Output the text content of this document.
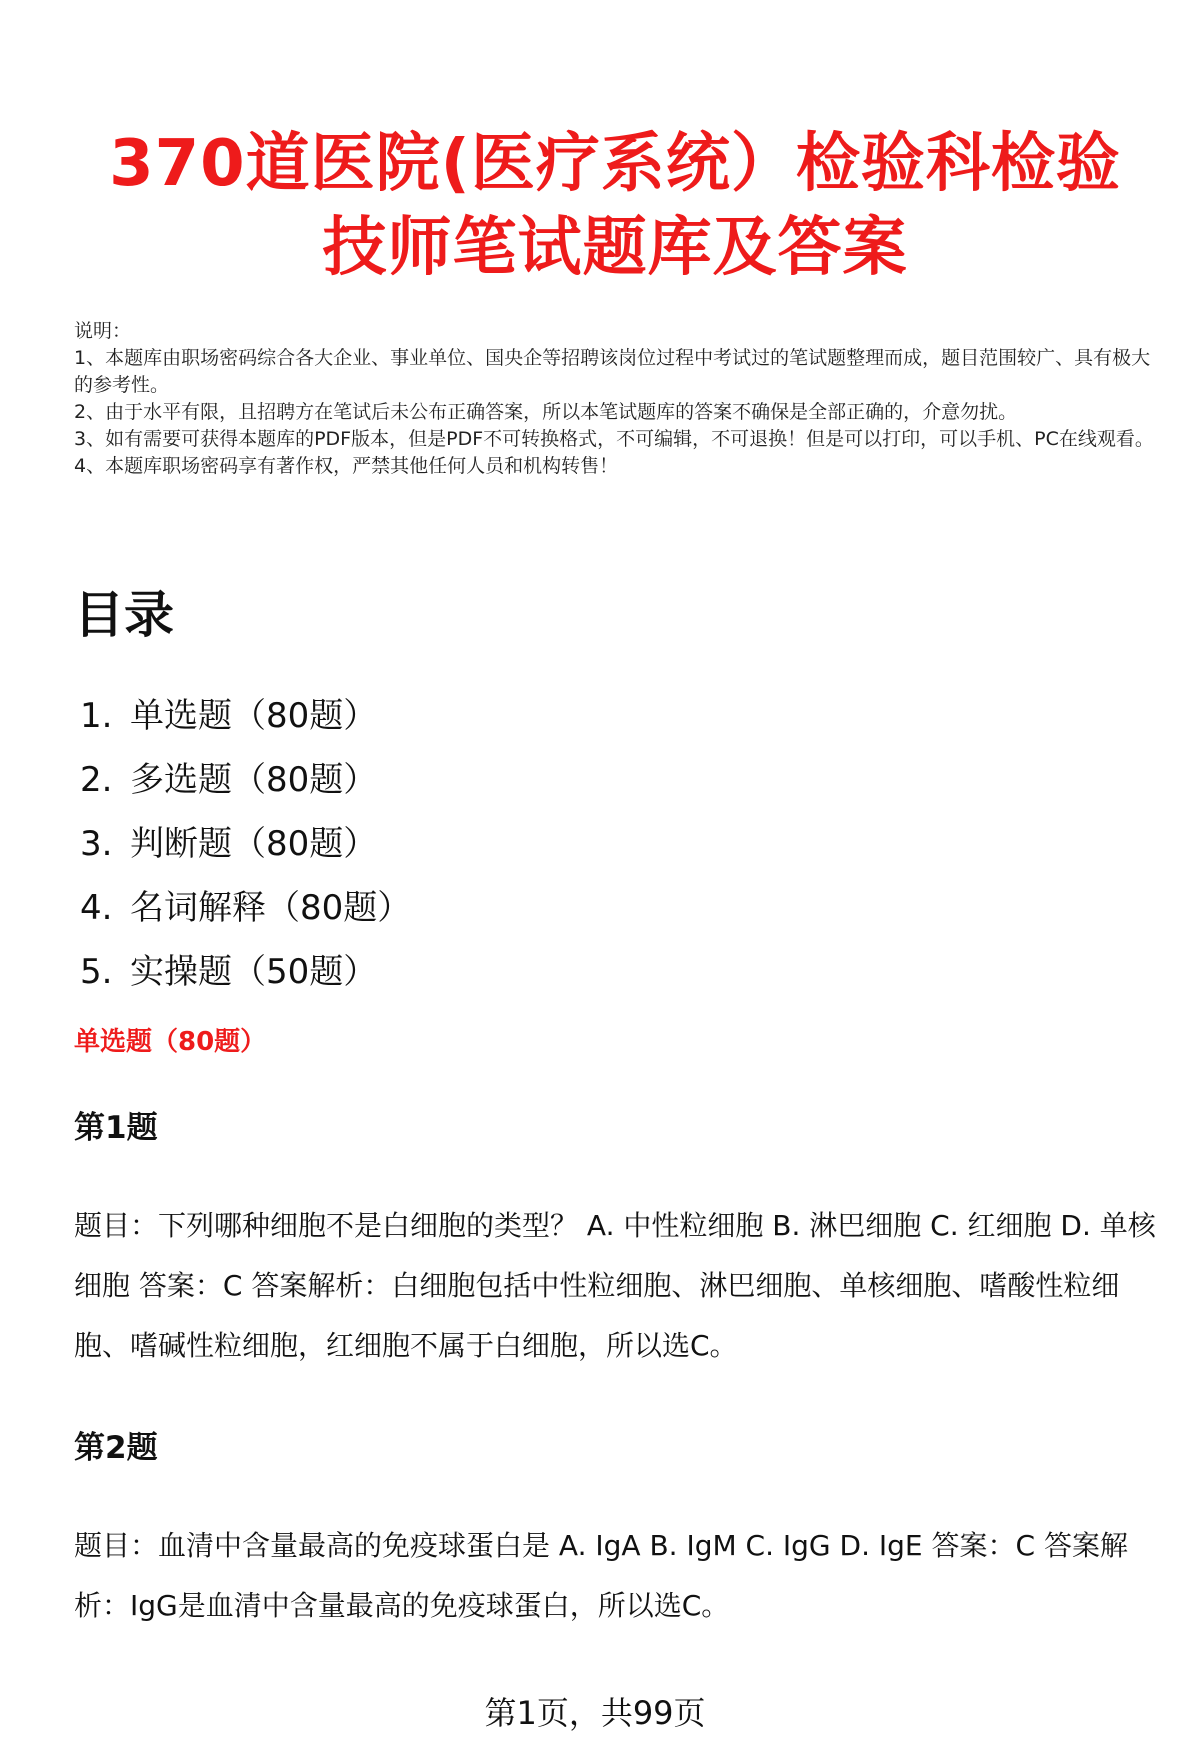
370道医院(医疗系统）检验科检验
技师笔试题库及答案

说明：

1、本题库由职场密码综合各大企业、事业单位、国央企等招聘该岗位过程中考试过的笔试题整理而成，题目范围较广、具有极大的参考性。

2、由于水平有限，且招聘方在笔试后未公布正确答案，所以本笔试题库的答案不确保是全部正确的，介意勿扰。

3、如有需要可获得本题库的PDF版本，但是PDF不可转换格式，不可编辑，不可退换！但是可以打印，可以手机、PC在线观看。

4、本题库职场密码享有著作权，严禁其他任何人员和机构转售！

目录
1. 单选题（80题）
2. 多选题（80题）
3. 判断题（80题）
4. 名词解释（80题）
5. 实操题（50题）
单选题（80题）
第1题

题目：下列哪种细胞不是白细胞的类型？ A. 中性粒细胞 B. 淋巴细胞 C. 红细胞 D. 单核细胞 答案：C 答案解析：白细胞包括中性粒细胞、淋巴细胞、单核细胞、嗜酸性粒细胞、嗜碱性粒细胞，红细胞不属于白细胞，所以选C。

第2题

题目：血清中含量最高的免疫球蛋白是 A. IgA B. IgM C. IgG D. IgE 答案：C 答案解析：IgG是血清中含量最高的免疫球蛋白，所以选C。

第1页，共99页
